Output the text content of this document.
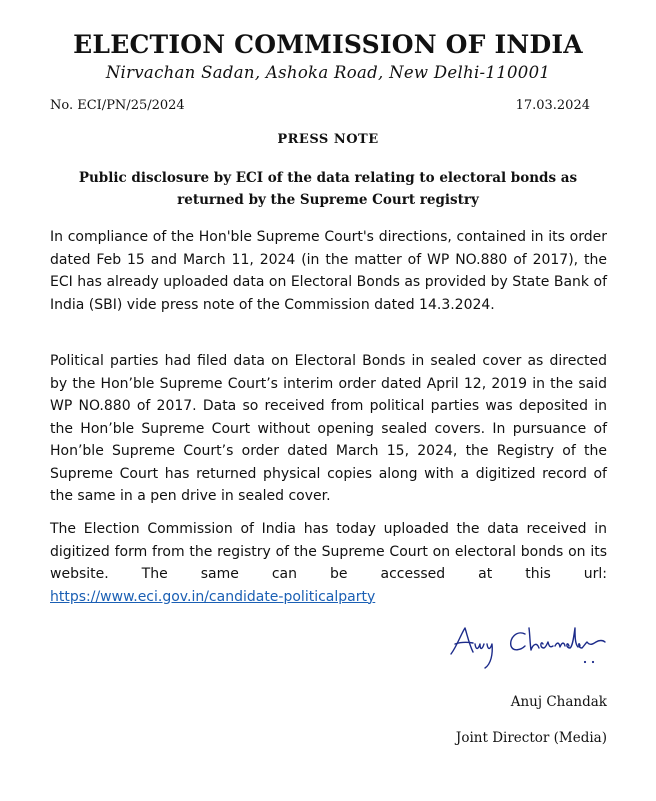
ELECTION COMMISSION OF INDIA
Nirvachan Sadan, Ashoka Road, New Delhi-110001
No. ECI/PN/25/2024	17.03.2024
PRESS NOTE
Public disclosure by ECI of the data relating to electoral bonds as returned by the Supreme Court registry

In compliance of the Hon'ble Supreme Court's directions, contained in its order dated Feb 15 and March 11, 2024 (in the matter of WP NO.880 of 2017), the ECI has already uploaded data on Electoral Bonds as provided by State Bank of India (SBI) vide press note of the Commission dated 14.3.2024.

Political parties had filed data on Electoral Bonds in sealed cover as directed by the Hon’ble Supreme Court’s interim order dated April 12, 2019 in the said WP NO.880 of 2017. Data so received from political parties was deposited in the Hon’ble Supreme Court without opening sealed covers. In pursuance of Hon’ble Supreme Court’s order dated March 15, 2024, the Registry of the Supreme Court has returned physical copies along with a digitized record of the same in a pen drive in sealed cover.

The Election Commission of India has today uploaded the data received in digitized form from the registry of the Supreme Court on electoral bonds on its website. The same can be accessed at this url: https://www.eci.gov.in/candidate-politicalparty
Anuj Chandak
Joint Director (Media)
